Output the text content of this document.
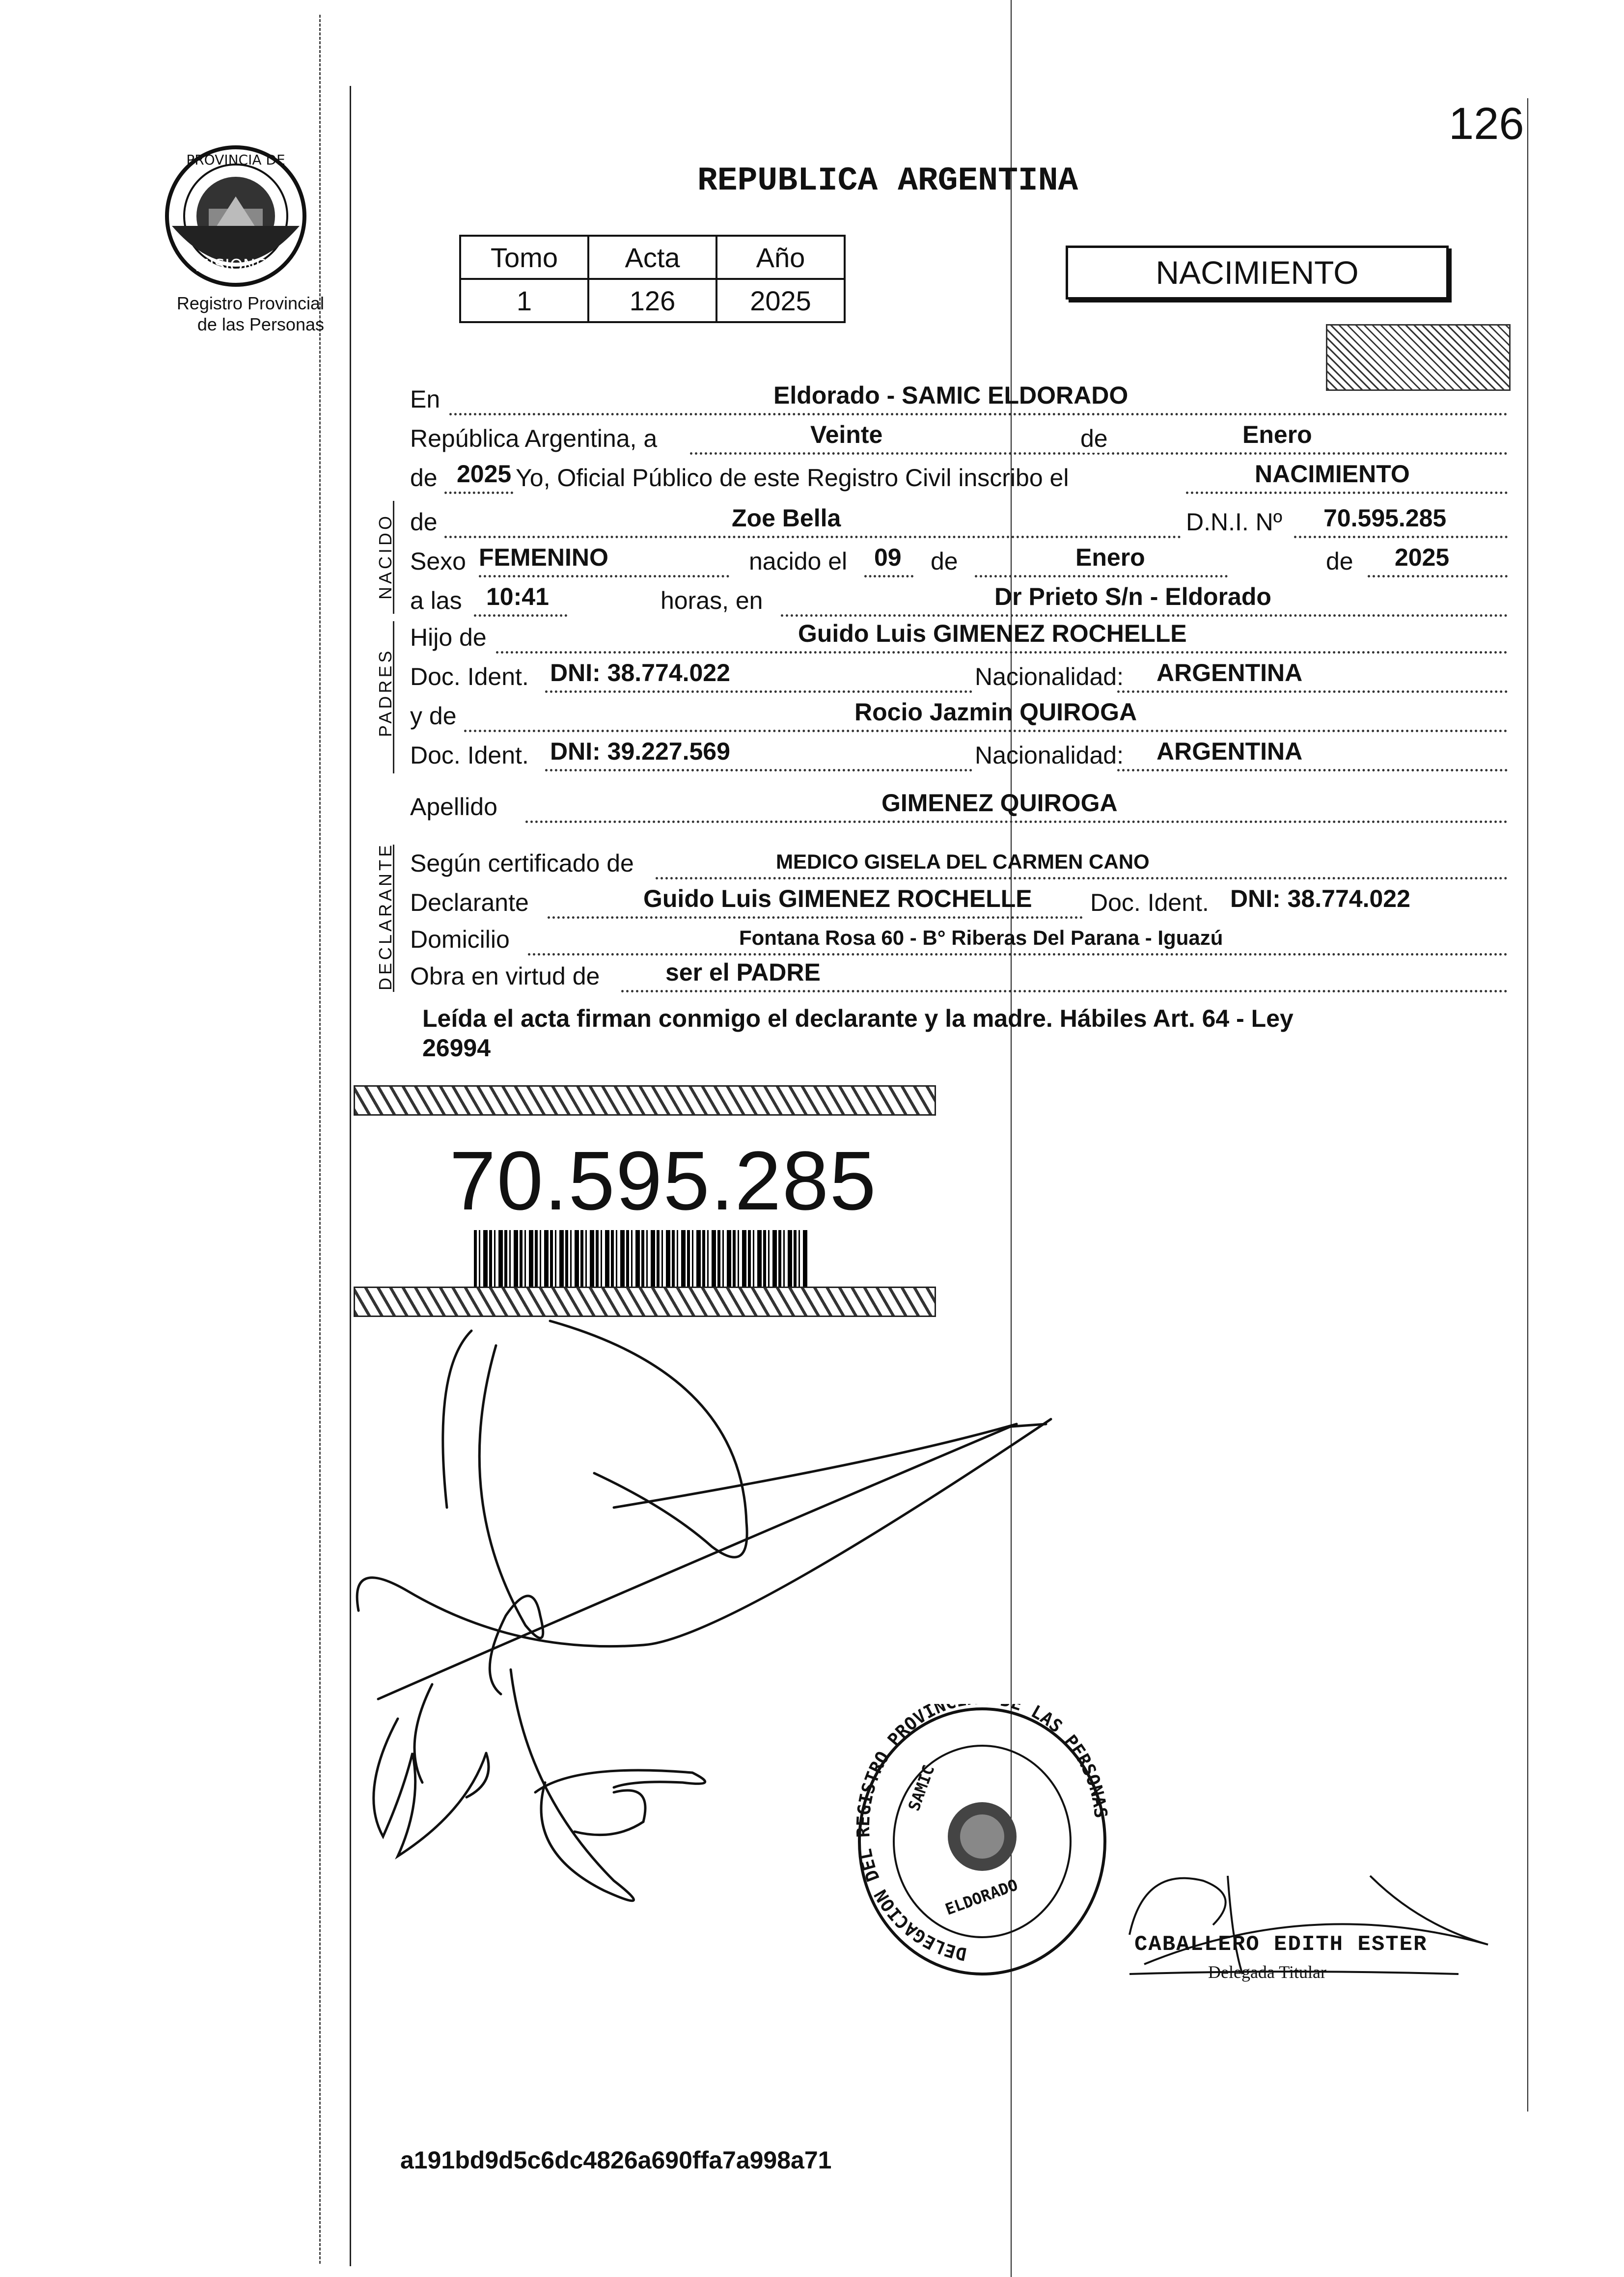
126
PROVINCIA DE
MISIONES
Registro Provincial
de las Personas
REPUBLICA ARGENTINA
Tomo	Acta	Año
1	126	2025
NACIMIENTO
En	Eldorado - SAMIC ELDORADO
República Argentina, a	Veinte	de	Enero
de 2025 Yo, Oficial Público de este Registro Civil inscribo el	NACIMIENTO
NACIDO de	Zoe Bella	D.N.I. Nº 70.595.285
Sexo FEMENINO	nacido el 09 de	Enero	de 2025
a las 10:41	horas, en	Dr Prieto S/n - Eldorado
PADRES
Hijo de	Guido Luis GIMENEZ ROCHELLE
Doc. Ident. DNI: 38.774.022	Nacionalidad: ARGENTINA
y de	Rocio Jazmin QUIROGA
Doc. Ident. DNI: 39.227.569	Nacionalidad: ARGENTINA
Apellido	GIMENEZ QUIROGA
DECLARANTE Según certificado de	MEDICO GISELA DEL CARMEN CANO
Declarante	Guido Luis GIMENEZ ROCHELLE Doc. Ident. DNI: 38.774.022
Domicilio	Fontana Rosa 60 - B° Riberas Del Parana - Iguazú
Obra en virtud de	ser el PADRE
Leída el acta firman conmigo el declarante y la madre. Hábiles Art. 64 - Ley
26994
70.595.285
DELEGACION DEL REGISTRO PROVIN LAS PERSONAS
SAMIC
ELDORADO
CABALLERO EDITH ESTER
Delegada Titular
a191bd9d5c6dc4826a690ffa7a998a71
